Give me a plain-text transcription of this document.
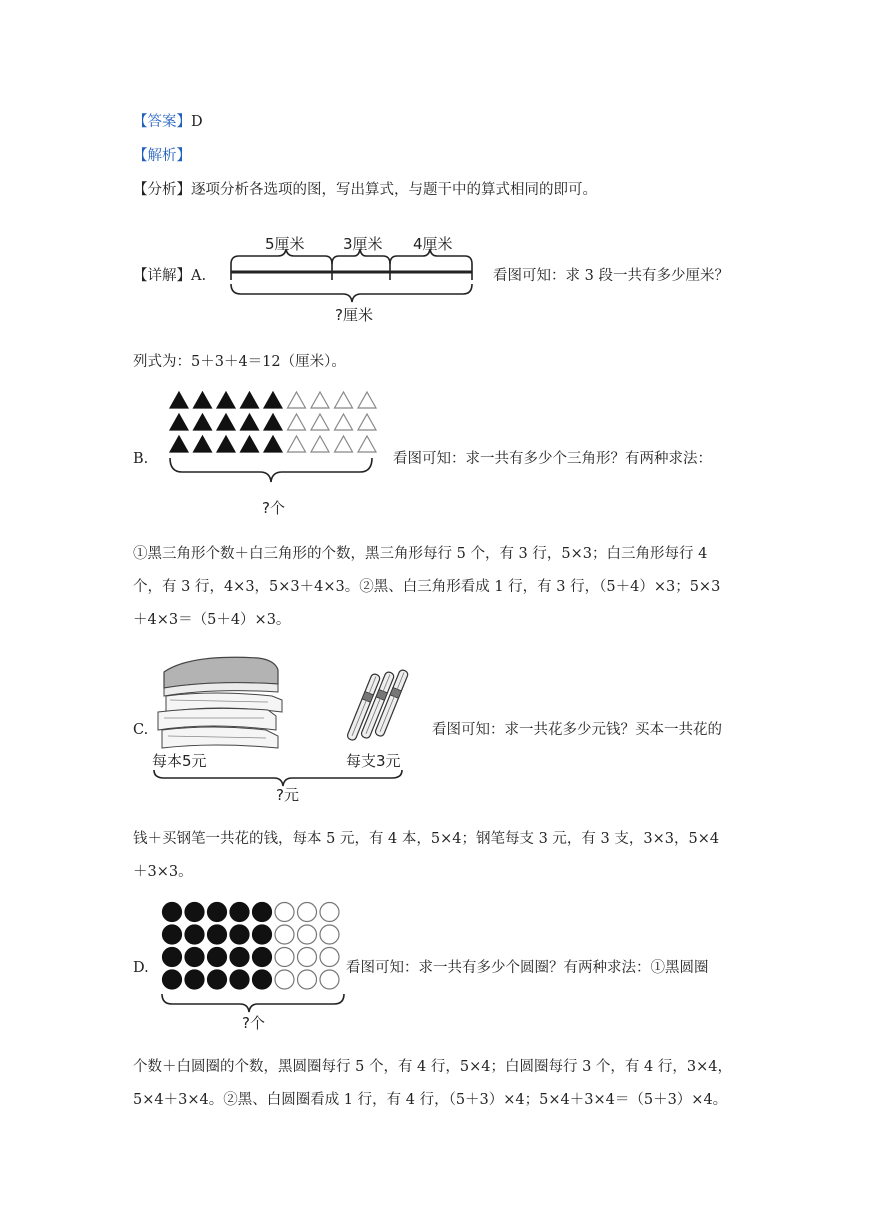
【答案】D
【解析】
【分析】逐项分析各选项的图，写出算式，与题干中的算式相同的即可。
【详解】A.
5厘米	3厘米 4厘米
?厘米
看图可知：求 3 段一共有多少厘米？
列式为：5＋3＋4＝12（厘米）。
B.
?个
看图可知：求一共有多少个三角形？有两种求法：
①黑三角形个数＋白三角形的个数，黑三角形每行 5 个，有 3 行，5×3；白三角形每行 4
个，有 3 行，4×3，5×3＋4×3。②黑、白三角形看成 1 行，有 3 行，（5＋4）×3；5×3
＋4×3＝（5＋4）×3。
C.
每本5元	每支3元
?元
看图可知：求一共花多少元钱？买本一共花的
钱＋买钢笔一共花的钱，每本 5 元，有 4 本，5×4；钢笔每支 3 元，有 3 支，3×3，5×4
＋3×3。
D.
?个
看图可知：求一共有多少个圆圈？有两种求法：①黑圆圈
个数＋白圆圈的个数，黑圆圈每行 5 个，有 4 行，5×4；白圆圈每行 3 个，有 4 行，3×4，
5×4＋3×4。②黑、白圆圈看成 1 行，有 4 行，（5＋3）×4；5×4＋3×4＝（5＋3）×4。
